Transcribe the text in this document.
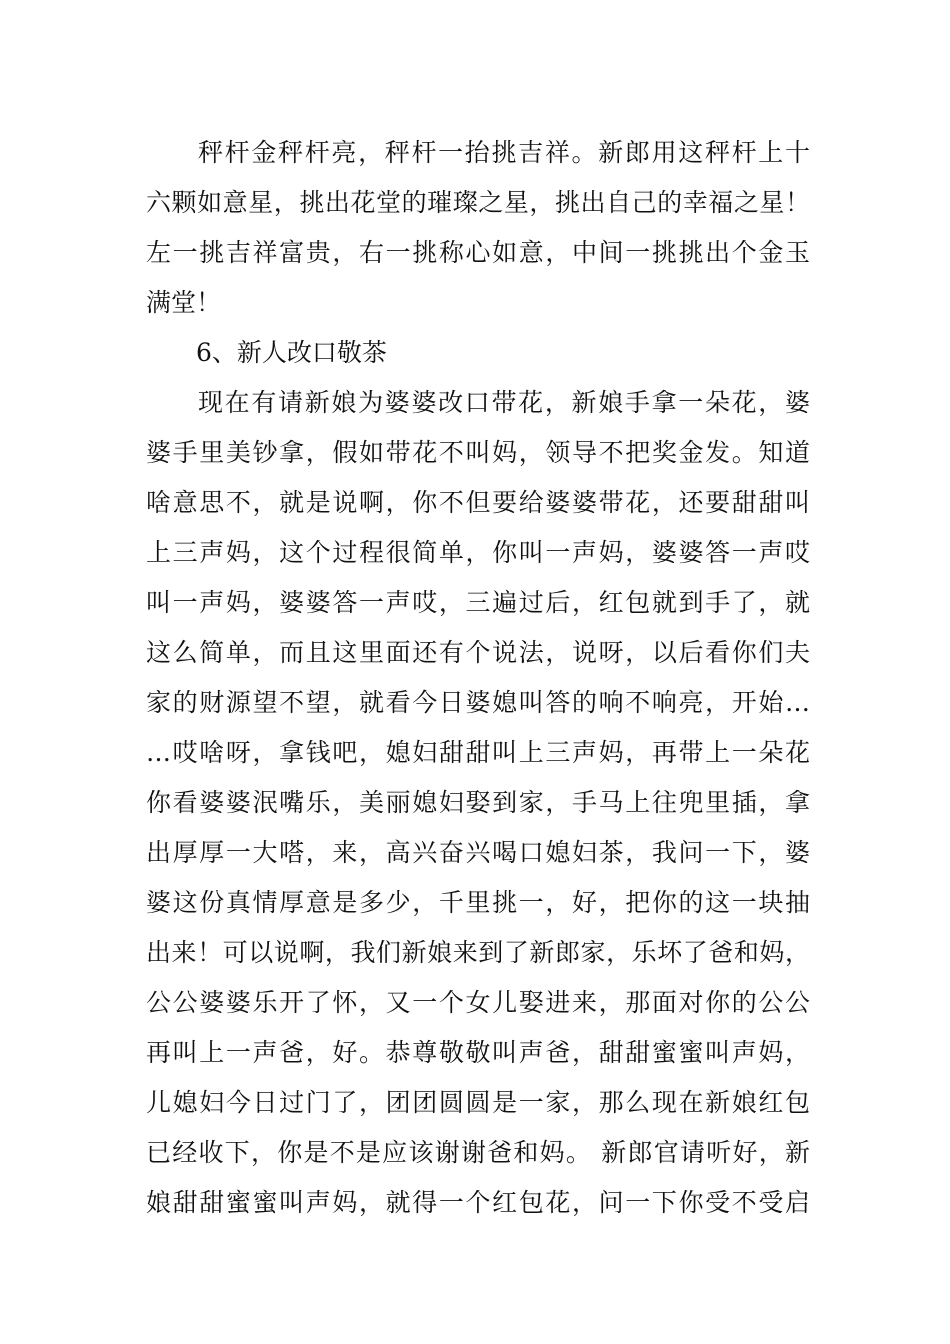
秤杆金秤杆亮，秤杆一抬挑吉祥。新郎用这秤杆上十
六颗如意星，挑出花堂的璀璨之星，挑出自己的幸福之星！
左一挑吉祥富贵，右一挑称心如意，中间一挑挑出个金玉
满堂！
6、新人改口敬茶
现在有请新娘为婆婆改口带花，新娘手拿一朵花，婆
婆手里美钞拿，假如带花不叫妈，领导不把奖金发。知道
啥意思不，就是说啊，你不但要给婆婆带花，还要甜甜叫
上三声妈，这个过程很简单，你叫一声妈，婆婆答一声哎
叫一声妈，婆婆答一声哎，三遍过后，红包就到手了，就
这么简单，而且这里面还有个说法，说呀，以后看你们夫
家的财源望不望，就看今日婆媳叫答的响不响亮，开始…
…哎啥呀，拿钱吧，媳妇甜甜叫上三声妈，再带上一朵花
你看婆婆泯嘴乐，美丽媳妇娶到家，手马上往兜里插，拿
出厚厚一大嗒，来，高兴奋兴喝口媳妇茶，我问一下，婆
婆这份真情厚意是多少，千里挑一，好，把你的这一块抽
出来！可以说啊，我们新娘来到了新郎家，乐坏了爸和妈，
公公婆婆乐开了怀，又一个女儿娶进来，那面对你的公公
再叫上一声爸，好。恭尊敬敬叫声爸，甜甜蜜蜜叫声妈，
儿媳妇今日过门了，团团圆圆是一家，那么现在新娘红包
已经收下，你是不是应该谢谢爸和妈。 新郎官请听好，新
娘甜甜蜜蜜叫声妈，就得一个红包花，问一下你受不受启
